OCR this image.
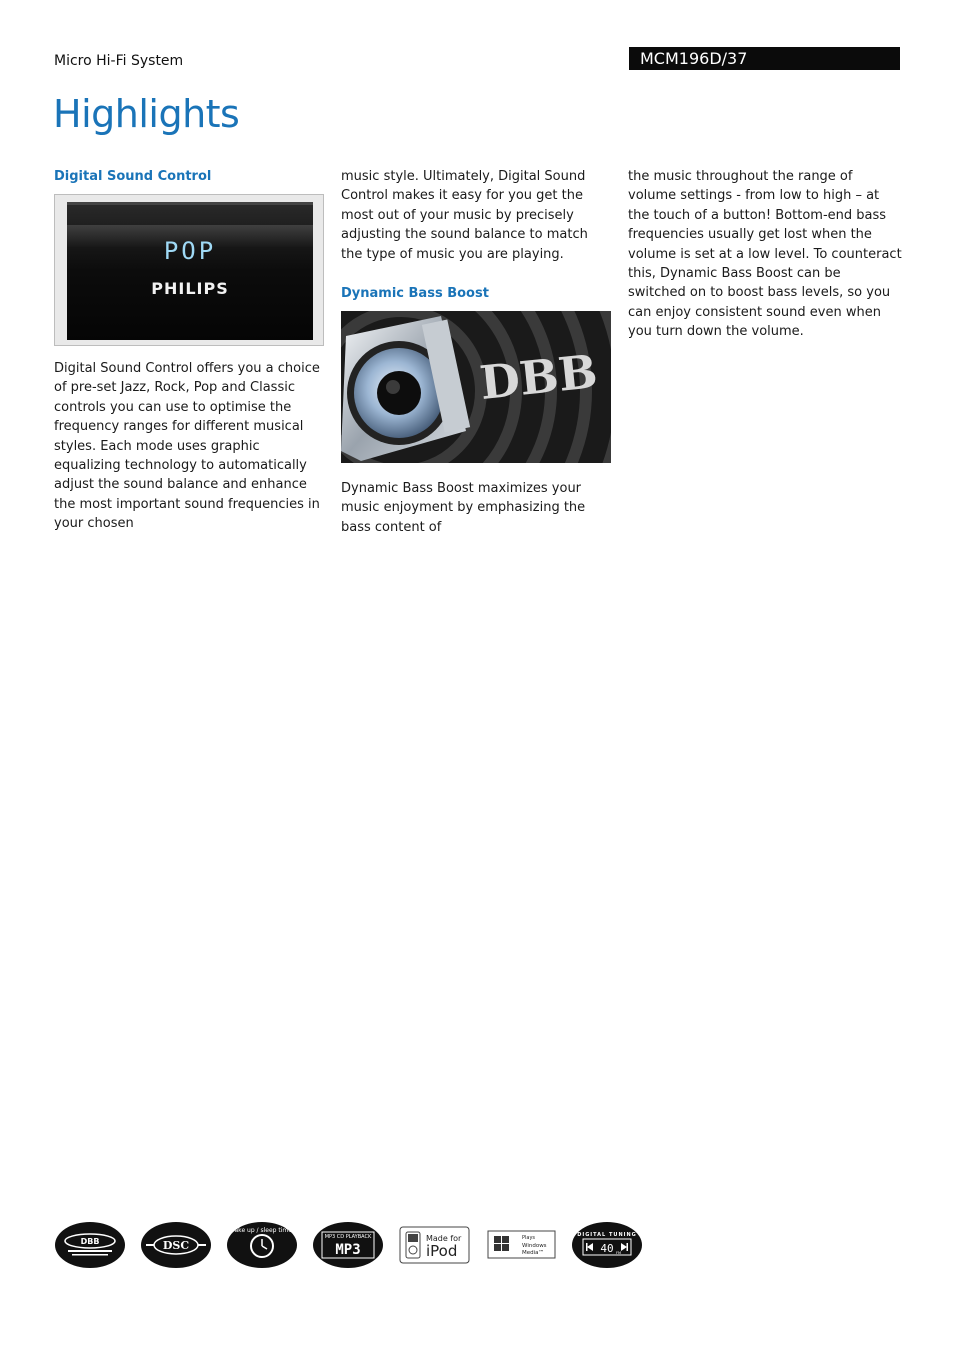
Micro Hi-Fi System	MCM196D/37
Highlights
Digital Sound Control
POP
PHILIPS

Digital Sound Control offers you a choice of pre-set Jazz, Rock, Pop and Classic controls you can use to optimise the frequency ranges for different musical styles. Each mode uses graphic equalizing technology to automatically adjust the sound balance and enhance the most important sound frequencies in your chosen

music style. Ultimately, Digital Sound Control makes it easy for you get the most out of your music by precisely adjusting the sound balance to match the type of music you are playing.

Dynamic Bass Boost
DBB

Dynamic Bass Boost maximizes your music enjoyment by emphasizing the bass content of

the music throughout the range of volume settings - from low to high – at the touch of a button! Bottom-end bass frequencies usually get lost when the volume is set at a low level. To counteract this, Dynamic Bass Boost can be switched on to boost bass levels, so you can enjoy consistent sound even when you turn down the volume.

DBB	DSC
wake up / sleep timer
MP3 CD PLAYBACK
MP3
Made for
iPod
Plays
Windows
Media™
DIGITAL TUNING
40 FM
